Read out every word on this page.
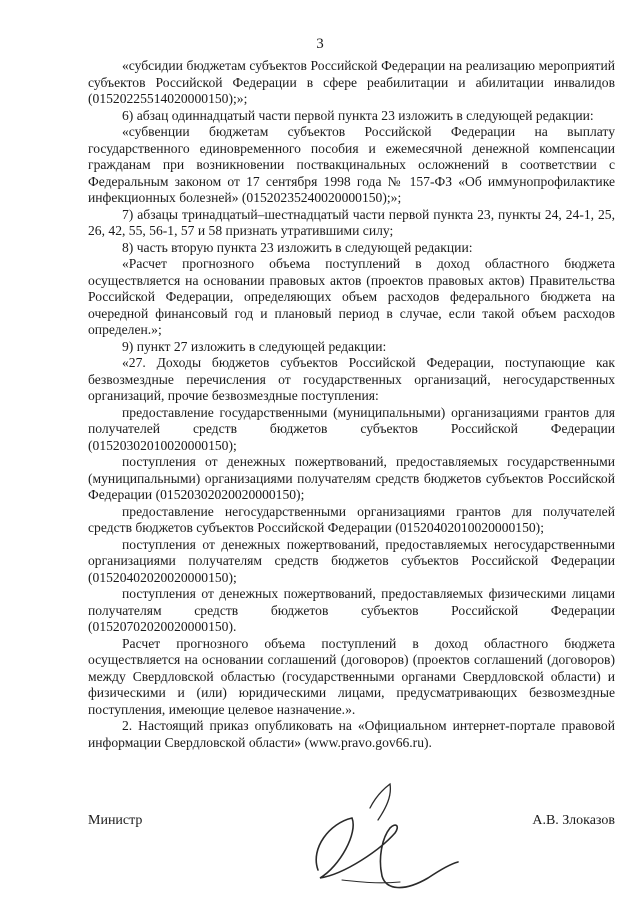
3

«субсидии бюджетам субъектов Российской Федерации на реализацию мероприятий субъектов Российской Федерации в сфере реабилитации и абилитации инвалидов (01520225514020000150);»;

6) абзац одиннадцатый части первой пункта 23 изложить в следующей редакции:

«субвенции бюджетам субъектов Российской Федерации на выплату государственного единовременного пособия и ежемесячной денежной компенсации гражданам при возникновении поствакцинальных осложнений в соответствии с Федеральным законом от 17 сентября 1998 года № 157-ФЗ «Об иммунопрофилактике инфекционных болезней» (01520235240020000150);»;

7) абзацы тринадцатый–шестнадцатый части первой пункта 23, пункты 24, 24-1, 25, 26, 42, 55, 56-1, 57 и 58 признать утратившими силу;

8) часть вторую пункта 23 изложить в следующей редакции:

«Расчет прогнозного объема поступлений в доход областного бюджета осуществляется на основании правовых актов (проектов правовых актов) Правительства Российской Федерации, определяющих объем расходов федерального бюджета на очередной финансовый год и плановый период в случае, если такой объем расходов определен.»;

9) пункт 27 изложить в следующей редакции:

«27. Доходы бюджетов субъектов Российской Федерации, поступающие как безвозмездные перечисления от государственных организаций, негосударственных организаций, прочие безвозмездные поступления:

предоставление государственными (муниципальными) организациями грантов для получателей средств бюджетов субъектов Российской Федерации (01520302010020000150);

поступления от денежных пожертвований, предоставляемых государственными (муниципальными) организациями получателям средств бюджетов субъектов Российской Федерации (01520302020020000150);

предоставление негосударственными организациями грантов для получателей средств бюджетов субъектов Российской Федерации (01520402010020000150);

поступления от денежных пожертвований, предоставляемых негосударственными организациями получателям средств бюджетов субъектов Российской Федерации (01520402020020000150);

поступления от денежных пожертвований, предоставляемых физическими лицами получателям средств бюджетов субъектов Российской Федерации (01520702020020000150).

Расчет прогнозного объема поступлений в доход областного бюджета осуществляется на основании соглашений (договоров) (проектов соглашений (договоров) между Свердловской областью (государственными органами Свердловской области) и физическими и (или) юридическими лицами, предусматривающих безвозмездные поступления, имеющие целевое назначение.».

2. Настоящий приказ опубликовать на «Официальном интернет-портале правовой информации Свердловской области» (www.pravo.gov66.ru).

Министр	А.В. Злоказов
